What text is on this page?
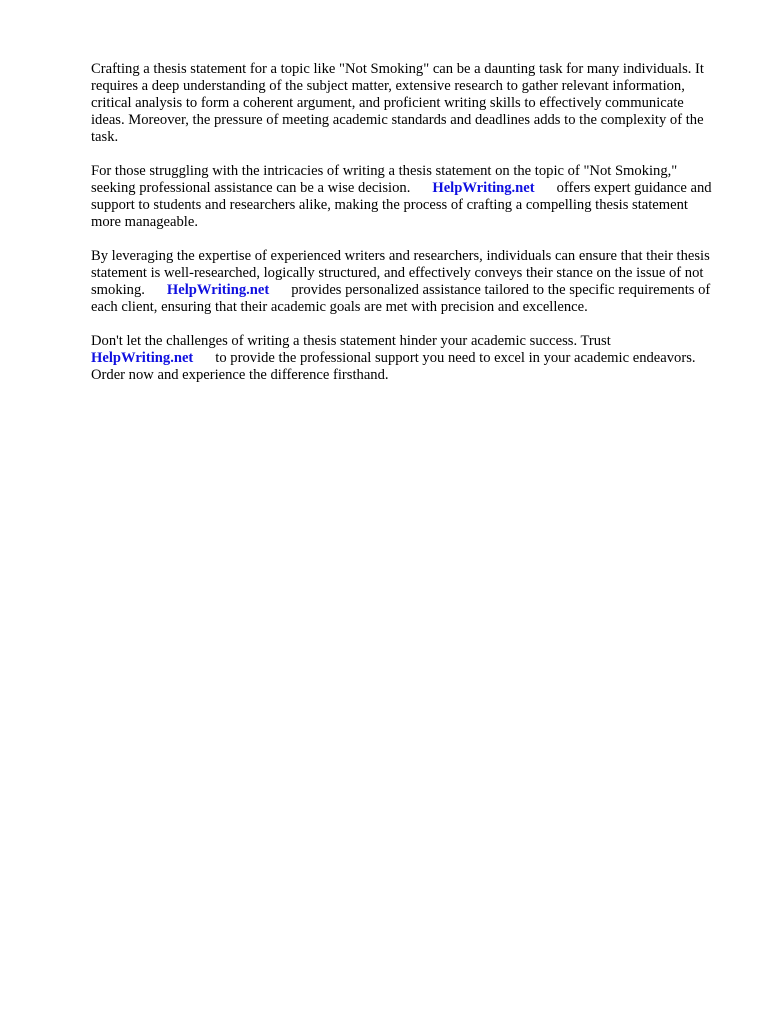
Crafting a thesis statement for a topic like "Not Smoking" can be a daunting task for many individuals. It requires a deep understanding of the subject matter, extensive research to gather relevant information, critical analysis to form a coherent argument, and proficient writing skills to effectively communicate ideas. Moreover, the pressure of meeting academic standards and deadlines adds to the complexity of the task.

For those struggling with the intricacies of writing a thesis statement on the topic of "Not Smoking," seeking professional assistance can be a wise decision. HelpWriting.net offers expert guidance and support to students and researchers alike, making the process of crafting a compelling thesis statement more manageable.

By leveraging the expertise of experienced writers and researchers, individuals can ensure that their thesis statement is well-researched, logically structured, and effectively conveys their stance on the issue of not smoking. HelpWriting.net provides personalized assistance tailored to the specific requirements of each client, ensuring that their academic goals are met with precision and excellence.

Don't let the challenges of writing a thesis statement hinder your academic success. Trust HelpWriting.net to provide the professional support you need to excel in your academic endeavors. Order now and experience the difference firsthand.
